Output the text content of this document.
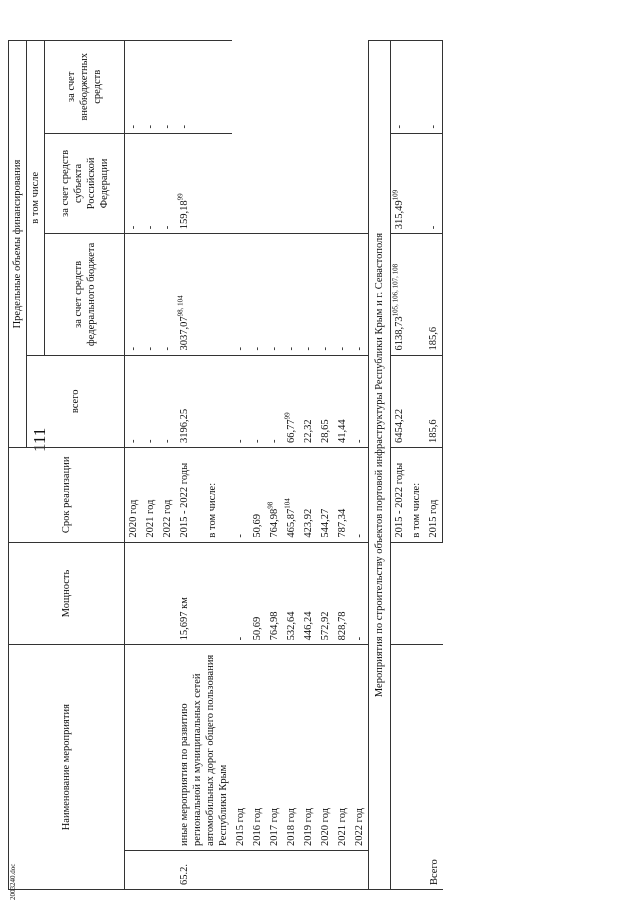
111
Наименование мероприятия		Мощность	Срок реализации	Предельные объемы финансирования			
				всего	в том числе		
					за счет средств федерального бюджета	за счет средств субъекта Российской Федерации	за счет внебюджетных средств
			2020 год	-	-	-	-
			2021 год	-	-	-	-
			2022 год	-	-	-	-
65.2.	иные мероприятия по развитию региональной и муниципальных сетей автомобильных дорог общего пользования Республики Крым	15,697 км	2015 - 2022 годы	3196,25	3037,07$^{98, 104}$	159,18$^{99}$	-
			в том числе:				
	2015 год	-	-	-	-		
	2016 год	50,69	50,69	-	-		
	2017 год	764,98	764,98$^{98}$	-	-		
	2018 год	532,64	465,87$^{104}$	66,77$^{99}$	-		
	2019 год	446,24	423,92	22,32	-		
	2020 год	572,92	544,27	28,65	-		
	2021 год	828,78	787,34	41,44	-		
	2022 год	-	-	-	-		
Мероприятия по строительству объектов портовой инфраструктуры Республики Крым и г. Севастополя							
Всего			2015 - 2022 годы	6454,22	6138,73$^{105, 106, 107, 108}$	315,49$^{109}$	-
			в том числе:				
			2015 год	185,6	185,6	-	-
2003240.doc
